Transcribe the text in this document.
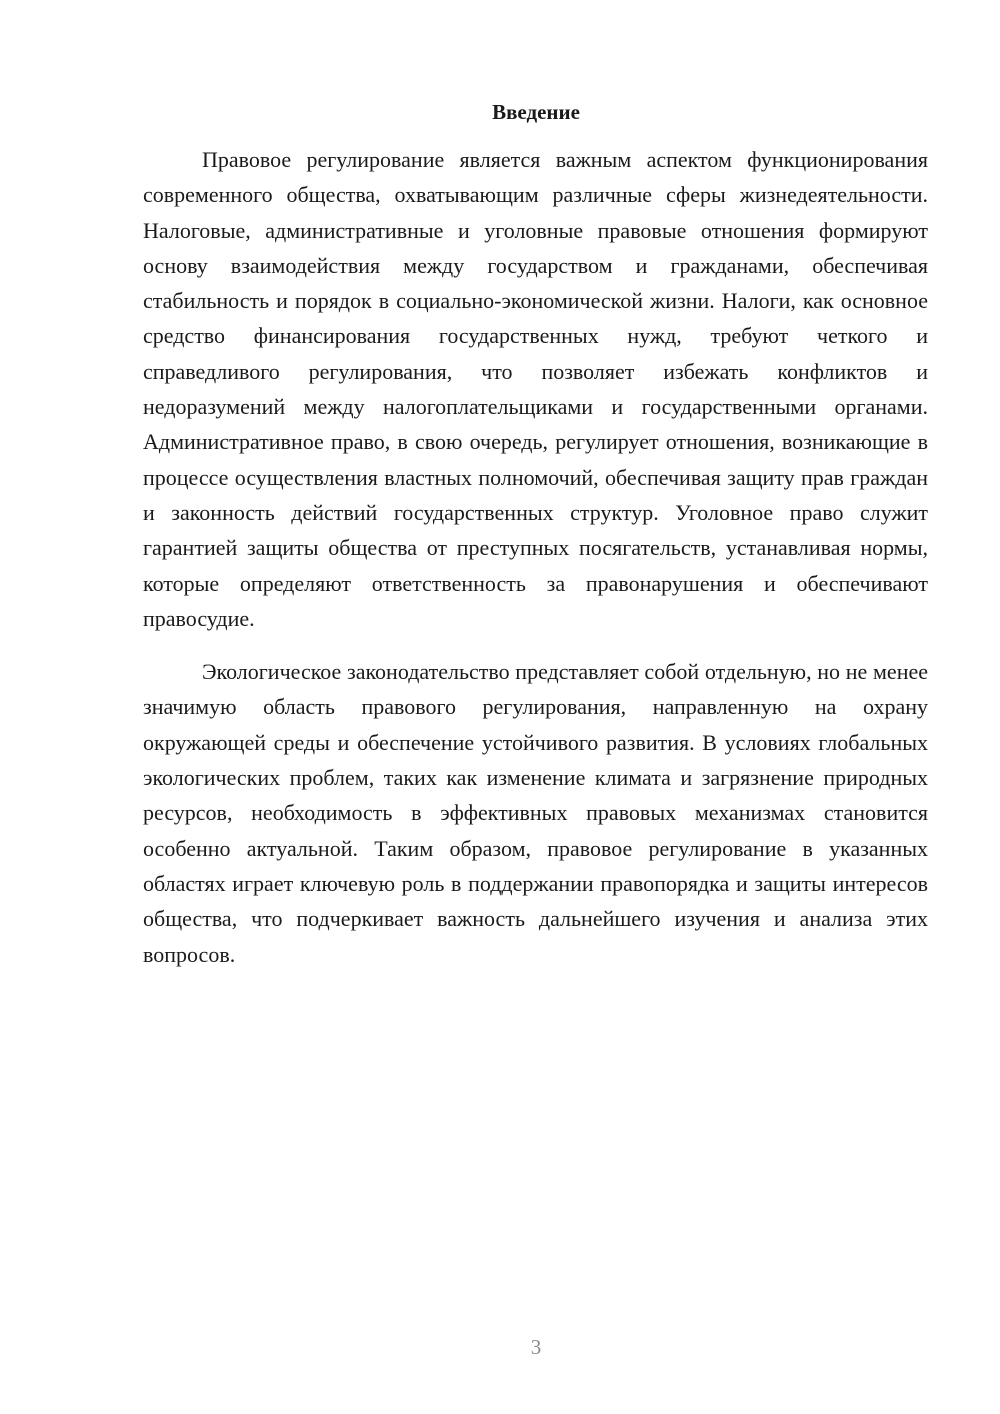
Введение

Правовое регулирование является важным аспектом функционирования современного общества, охватывающим различные сферы жизнедеятельности. Налоговые, административные и уголовные правовые отношения формируют основу взаимодействия между государством и гражданами, обеспечивая стабильность и порядок в социально-экономической жизни. Налоги, как основное средство финансирования государственных нужд, требуют четкого и справедливого регулирования, что позволяет избежать конфликтов и недоразумений между налогоплательщиками и государственными органами. Административное право, в свою очередь, регулирует отношения, возникающие в процессе осуществления властных полномочий, обеспечивая защиту прав граждан и законность действий государственных структур. Уголовное право служит гарантией защиты общества от преступных посягательств, устанавливая нормы, которые определяют ответственность за правонарушения и обеспечивают правосудие.

Экологическое законодательство представляет собой отдельную, но не менее значимую область правового регулирования, направленную на охрану окружающей среды и обеспечение устойчивого развития. В условиях глобальных экологических проблем, таких как изменение климата и загрязнение природных ресурсов, необходимость в эффективных правовых механизмах становится особенно актуальной. Таким образом, правовое регулирование в указанных областях играет ключевую роль в поддержании правопорядка и защиты интересов общества, что подчеркивает важность дальнейшего изучения и анализа этих вопросов.

3
